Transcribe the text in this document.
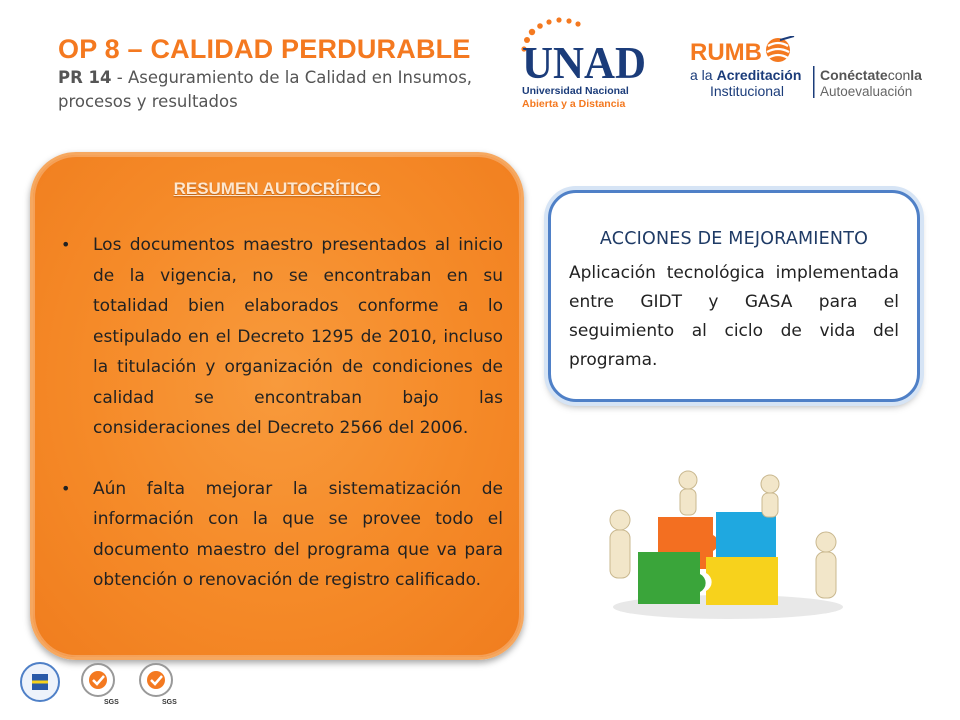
OP 8 – CALIDAD PERDURABLE

PR 14 - Aseguramiento de la Calidad en Insumos, procesos y resultados

UNAD
Universidad Nacional
Abierta y a Distancia
RUMB
a la Acreditación
Institucional
Conéctateconla
Autoevaluación
RESUMEN AUTOCRÍTICO
• Los documentos maestro presentados al inicio de la vigencia, no se encontraban en su totalidad bien elaborados conforme a lo estipulado en el Decreto 1295 de 2010, incluso la titulación y organización de condiciones de calidad se encontraban bajo las consideraciones del Decreto 2566 del 2006.
• Aún falta mejorar la sistematización de información con la que se provee todo el documento maestro del programa que va para obtención o renovación de registro calificado.
ACCIONES DE MEJORAMIENTO
Aplicación tecnológica implementada entre GIDT y GASA para el seguimiento al ciclo de vida del programa.
SGS	SGS
